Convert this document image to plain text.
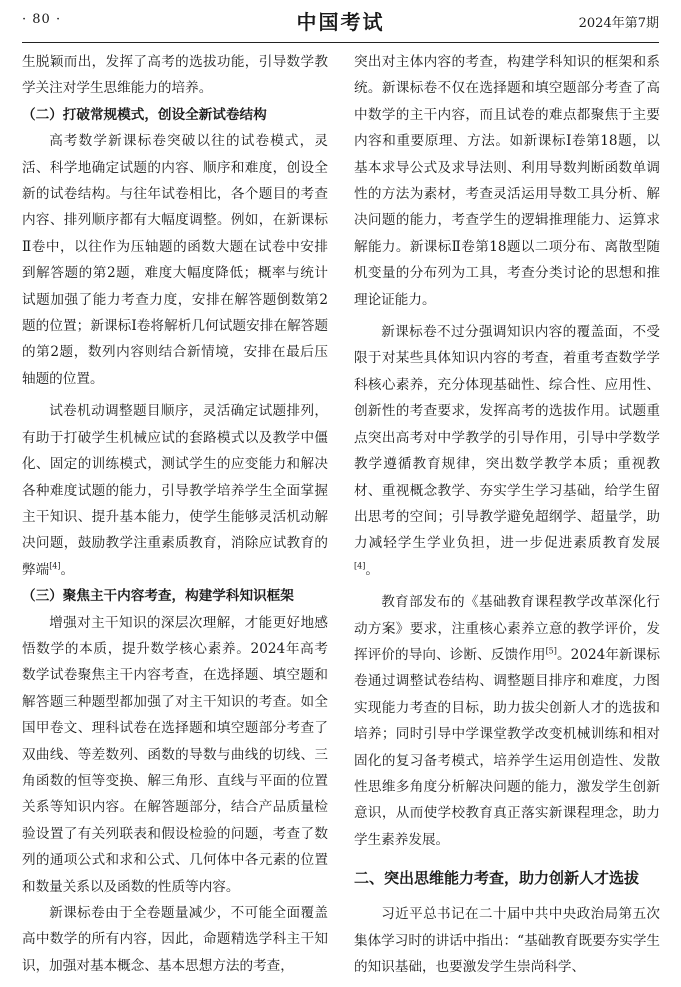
· 80 ·	中国考试	2024年第7期

生脱颖而出，发挥了高考的选拔功能，引导数学教学关注对学生思维能力的培养。

（二）打破常规模式，创设全新试卷结构

高考数学新课标卷突破以往的试卷模式，灵活、科学地确定试题的内容、顺序和难度，创设全新的试卷结构。与往年试卷相比，各个题目的考查内容、排列顺序都有大幅度调整。例如，在新课标Ⅱ卷中，以往作为压轴题的函数大题在试卷中安排到解答题的第2题，难度大幅度降低；概率与统计试题加强了能力考查力度，安排在解答题倒数第2题的位置；新课标Ⅰ卷将解析几何试题安排在解答题的第2题，数列内容则结合新情境，安排在最后压轴题的位置。

试卷机动调整题目顺序，灵活确定试题排列，有助于打破学生机械应试的套路模式以及教学中僵化、固定的训练模式，测试学生的应变能力和解决各种难度试题的能力，引导教学培养学生全面掌握主干知识、提升基本能力，使学生能够灵活机动解决问题，鼓励教学注重素质教育，消除应试教育的弊端[4]。

（三）聚焦主干内容考查，构建学科知识框架

增强对主干知识的深层次理解，才能更好地感悟数学的本质，提升数学核心素养。2024年高考数学试卷聚焦主干内容考查，在选择题、填空题和解答题三种题型都加强了对主干知识的考查。如全国甲卷文、理科试卷在选择题和填空题部分考查了双曲线、等差数列、函数的导数与曲线的切线、三角函数的恒等变换、解三角形、直线与平面的位置关系等知识内容。在解答题部分，结合产品质量检验设置了有关列联表和假设检验的问题，考查了数列的通项公式和求和公式、几何体中各元素的位置和数量关系以及函数的性质等内容。

新课标卷由于全卷题量减少，不可能全面覆盖高中数学的所有内容，因此，命题精选学科主干知识，加强对基本概念、基本思想方法的考查，

突出对主体内容的考查，构建学科知识的框架和系统。新课标卷不仅在选择题和填空题部分考查了高中数学的主干内容，而且试卷的难点都聚焦于主要内容和重要原理、方法。如新课标Ⅰ卷第18题，以基本求导公式及求导法则、利用导数判断函数单调性的方法为素材，考查灵活运用导数工具分析、解决问题的能力，考查学生的逻辑推理能力、运算求解能力。新课标Ⅱ卷第18题以二项分布、离散型随机变量的分布列为工具，考查分类讨论的思想和推理论证能力。

新课标卷不过分强调知识内容的覆盖面，不受限于对某些具体知识内容的考查，着重考查数学学科核心素养，充分体现基础性、综合性、应用性、创新性的考查要求，发挥高考的选拔作用。试题重点突出高考对中学教学的引导作用，引导中学数学教学遵循教育规律，突出数学教学本质；重视教材、重视概念教学、夯实学生学习基础，给学生留出思考的空间；引导教学避免超纲学、超量学，助力减轻学生学业负担，进一步促进素质教育发展[4]。

教育部发布的《基础教育课程教学改革深化行动方案》要求，注重核心素养立意的教学评价，发挥评价的导向、诊断、反馈作用[5]。2024年新课标卷通过调整试卷结构、调整题目排序和难度，力图实现能力考查的目标，助力拔尖创新人才的选拔和培养；同时引导中学课堂教学改变机械训练和相对固化的复习备考模式，培养学生运用创造性、发散性思维多角度分析解决问题的能力，激发学生创新意识，从而使学校教育真正落实新课程理念，助力学生素养发展。

二、突出思维能力考查，助力创新人才选拔

习近平总书记在二十届中共中央政治局第五次集体学习时的讲话中指出：“基础教育既要夯实学生的知识基础，也要激发学生崇尚科学、
